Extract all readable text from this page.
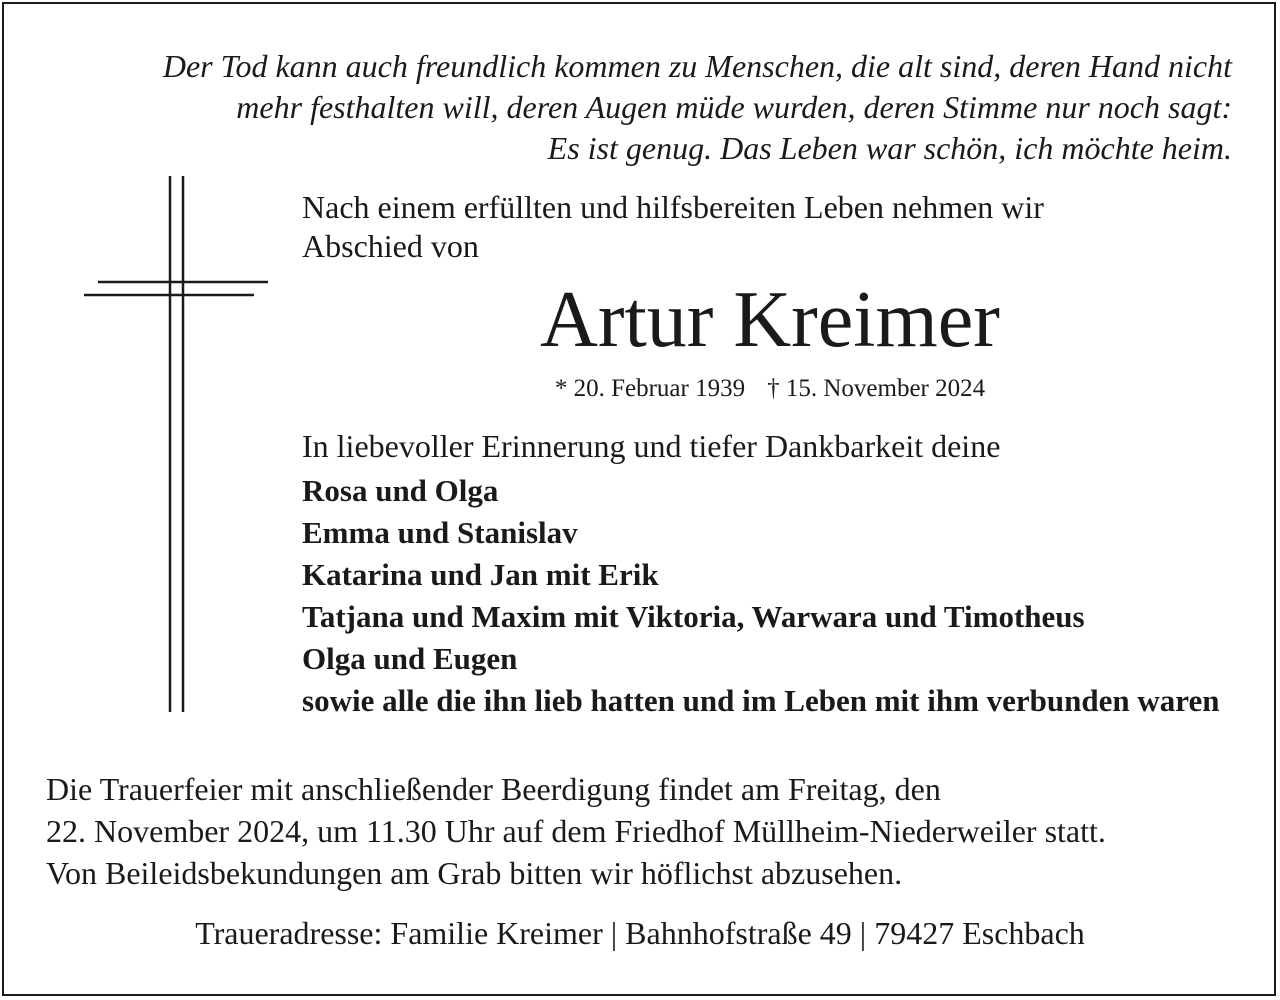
Der Tod kann auch freundlich kommen zu Menschen, die alt sind, deren Hand nicht
mehr festhalten will, deren Augen müde wurden, deren Stimme nur noch sagt:
Es ist genug. Das Leben war schön, ich möchte heim.
Nach einem erfüllten und hilfsbereiten Leben nehmen wir
Abschied von
Artur Kreimer
* 20. Februar 1939 † 15. November 2024
In liebevoller Erinnerung und tiefer Dankbarkeit deine
Rosa und Olga
Emma und Stanislav
Katarina und Jan mit Erik
Tatjana und Maxim mit Viktoria, Warwara und Timotheus
Olga und Eugen
sowie alle die ihn lieb hatten und im Leben mit ihm verbunden waren
Die Trauerfeier mit anschließender Beerdigung findet am Freitag, den
22. November 2024, um 11.30 Uhr auf dem Friedhof Müllheim-Niederweiler statt.
Von Beileidsbekundungen am Grab bitten wir höflichst abzusehen.
Traueradresse: Familie Kreimer | Bahnhofstraße 49 | 79427 Eschbach
